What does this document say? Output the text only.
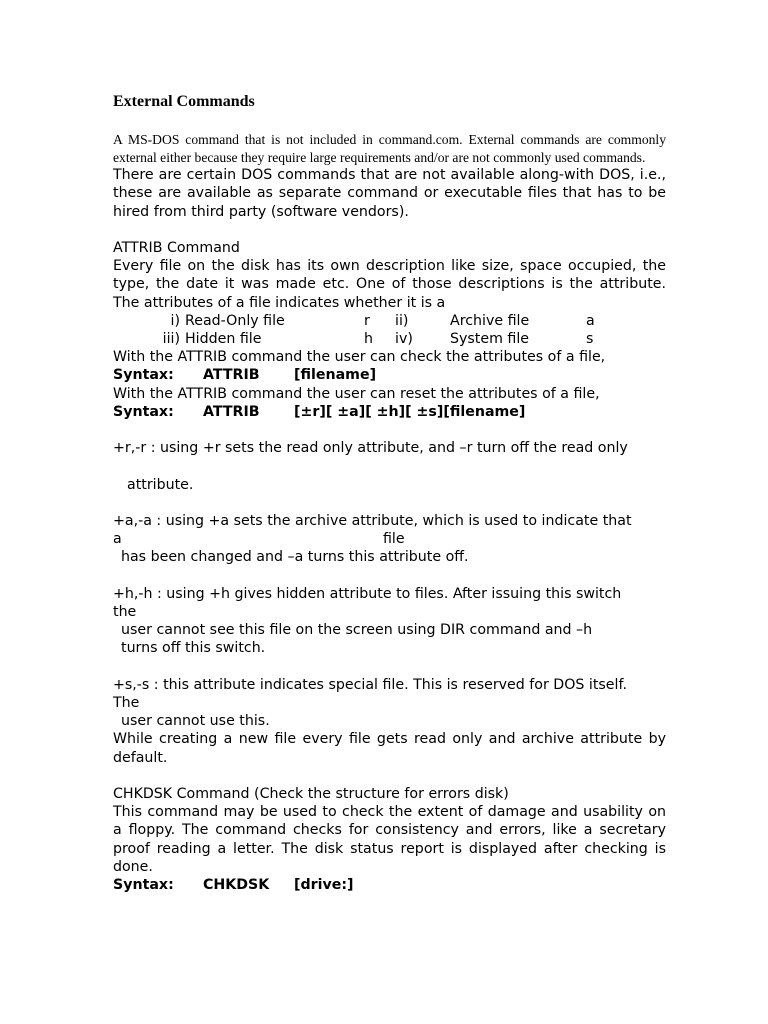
External Commands

A MS-DOS command that is not included in command.com. External commands are commonly external either because they require large requirements and/or are not commonly used commands.

There are certain DOS commands that are not available along-with DOS, i.e., these are available as separate command or executable files that has to be hired from third party (software vendors).

ATTRIB Command

Every file on the disk has its own description like size, space occupied, the type, the date it was made etc. One of those descriptions is the attribute. The attributes of a file indicates whether it is a

i) Read-Only file	r	ii)	Archive file	a
iii) Hidden file	h	iv)	System file	s

With the ATTRIB command the user can check the attributes of a file,

Syntax:	ATTRIB	[filename]

With the ATTRIB command the user can reset the attributes of a file,

Syntax:	ATTRIB	[±r][ ±a][ ±h][ ±s][filename]

+r,-r : using +r sets the read only attribute, and –r turn off the read only

attribute.

+a,-a : using +a sets the archive attribute, which is used to indicate that

a	file

has been changed and –a turns this attribute off.

+h,-h : using +h gives hidden attribute to files. After issuing this switch

the

user cannot see this file on the screen using DIR command and –h

turns off this switch.

+s,-s : this attribute indicates special file. This is reserved for DOS itself.

The

user cannot use this.

While creating a new file every file gets read only and archive attribute by default.

CHKDSK Command (Check the structure for errors disk)

This command may be used to check the extent of damage and usability on a floppy. The command checks for consistency and errors, like a secretary proof reading a letter. The disk status report is displayed after checking is done.

Syntax:	CHKDSK	[drive:]
